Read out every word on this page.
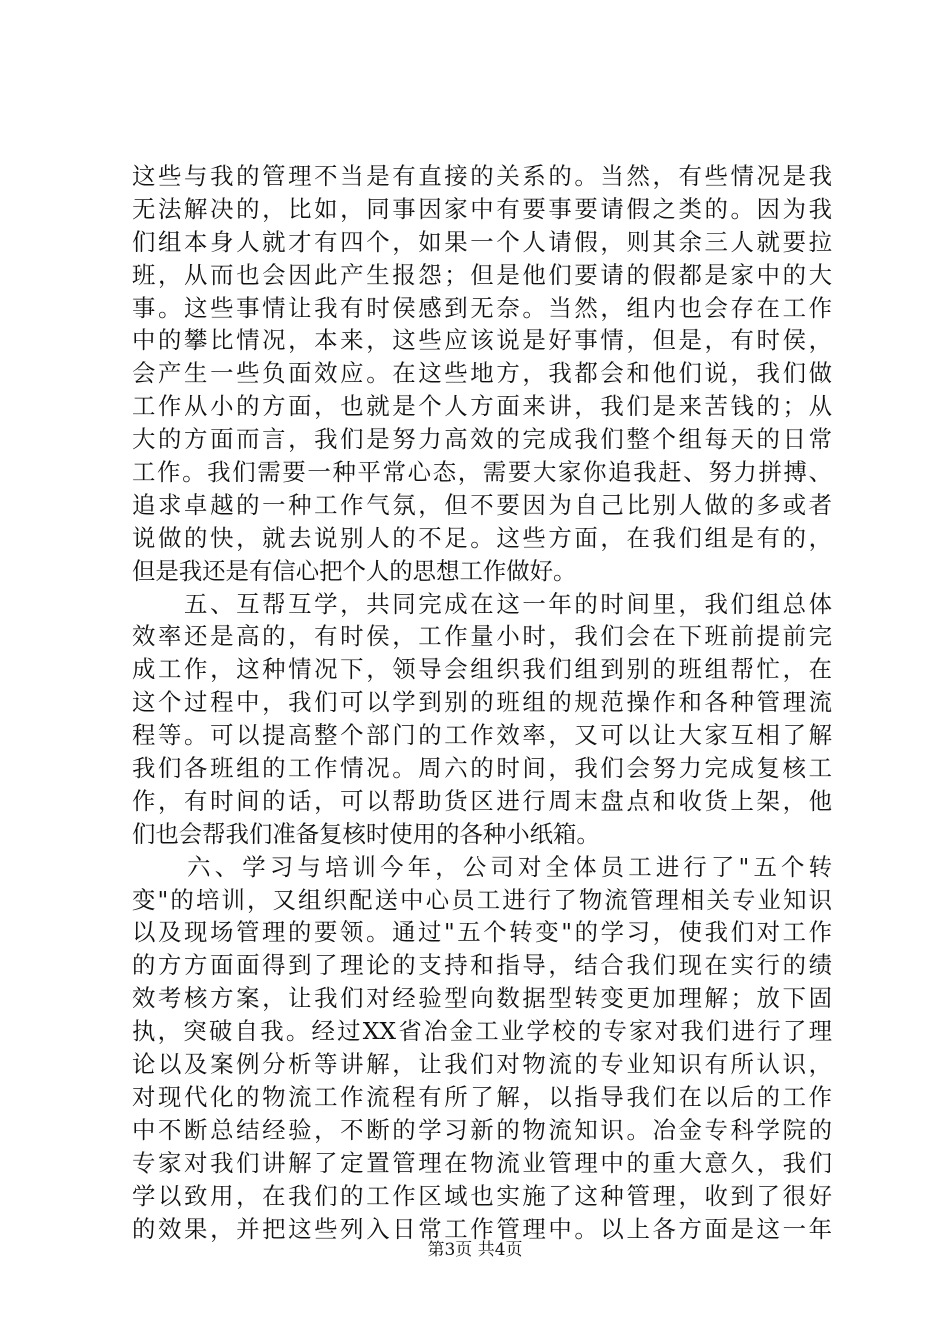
这些与我的管理不当是有直接的关系的。当然，有些情况是我
无法解决的，比如，同事因家中有要事要请假之类的。因为我
们组本身人就才有四个，如果一个人请假，则其余三人就要拉
班，从而也会因此产生报怨；但是他们要请的假都是家中的大
事。这些事情让我有时侯感到无奈。当然，组内也会存在工作
中的攀比情况，本来，这些应该说是好事情，但是，有时侯，
会产生一些负面效应。在这些地方，我都会和他们说，我们做
工作从小的方面，也就是个人方面来讲，我们是来苦钱的；从
大的方面而言，我们是努力高效的完成我们整个组每天的日常
工作。我们需要一种平常心态，需要大家你追我赶、努力拼搏、
追求卓越的一种工作气氛，但不要因为自己比别人做的多或者
说做的快，就去说别人的不足。这些方面，在我们组是有的，
但是我还是有信心把个人的思想工作做好。
　　五、互帮互学，共同完成在这一年的时间里，我们组总体
效率还是高的，有时侯，工作量小时，我们会在下班前提前完
成工作，这种情况下，领导会组织我们组到别的班组帮忙，在
这个过程中，我们可以学到别的班组的规范操作和各种管理流
程等。可以提高整个部门的工作效率，又可以让大家互相了解
我们各班组的工作情况。周六的时间，我们会努力完成复核工
作，有时间的话，可以帮助货区进行周末盘点和收货上架，他
们也会帮我们准备复核时使用的各种小纸箱。
　　六、学习与培训今年，公司对全体员工进行了"五个转
变"的培训，又组织配送中心员工进行了物流管理相关专业知识
以及现场管理的要领。通过"五个转变"的学习，使我们对工作
的方方面面得到了理论的支持和指导，结合我们现在实行的绩
效考核方案，让我们对经验型向数据型转变更加理解；放下固
执，突破自我。经过XX省冶金工业学校的专家对我们进行了理
论以及案例分析等讲解，让我们对物流的专业知识有所认识，
对现代化的物流工作流程有所了解，以指导我们在以后的工作
中不断总结经验，不断的学习新的物流知识。冶金专科学院的
专家对我们讲解了定置管理在物流业管理中的重大意久，我们
学以致用，在我们的工作区域也实施了这种管理，收到了很好
的效果，并把这些列入日常工作管理中。以上各方面是这一年
第3页 共4页
